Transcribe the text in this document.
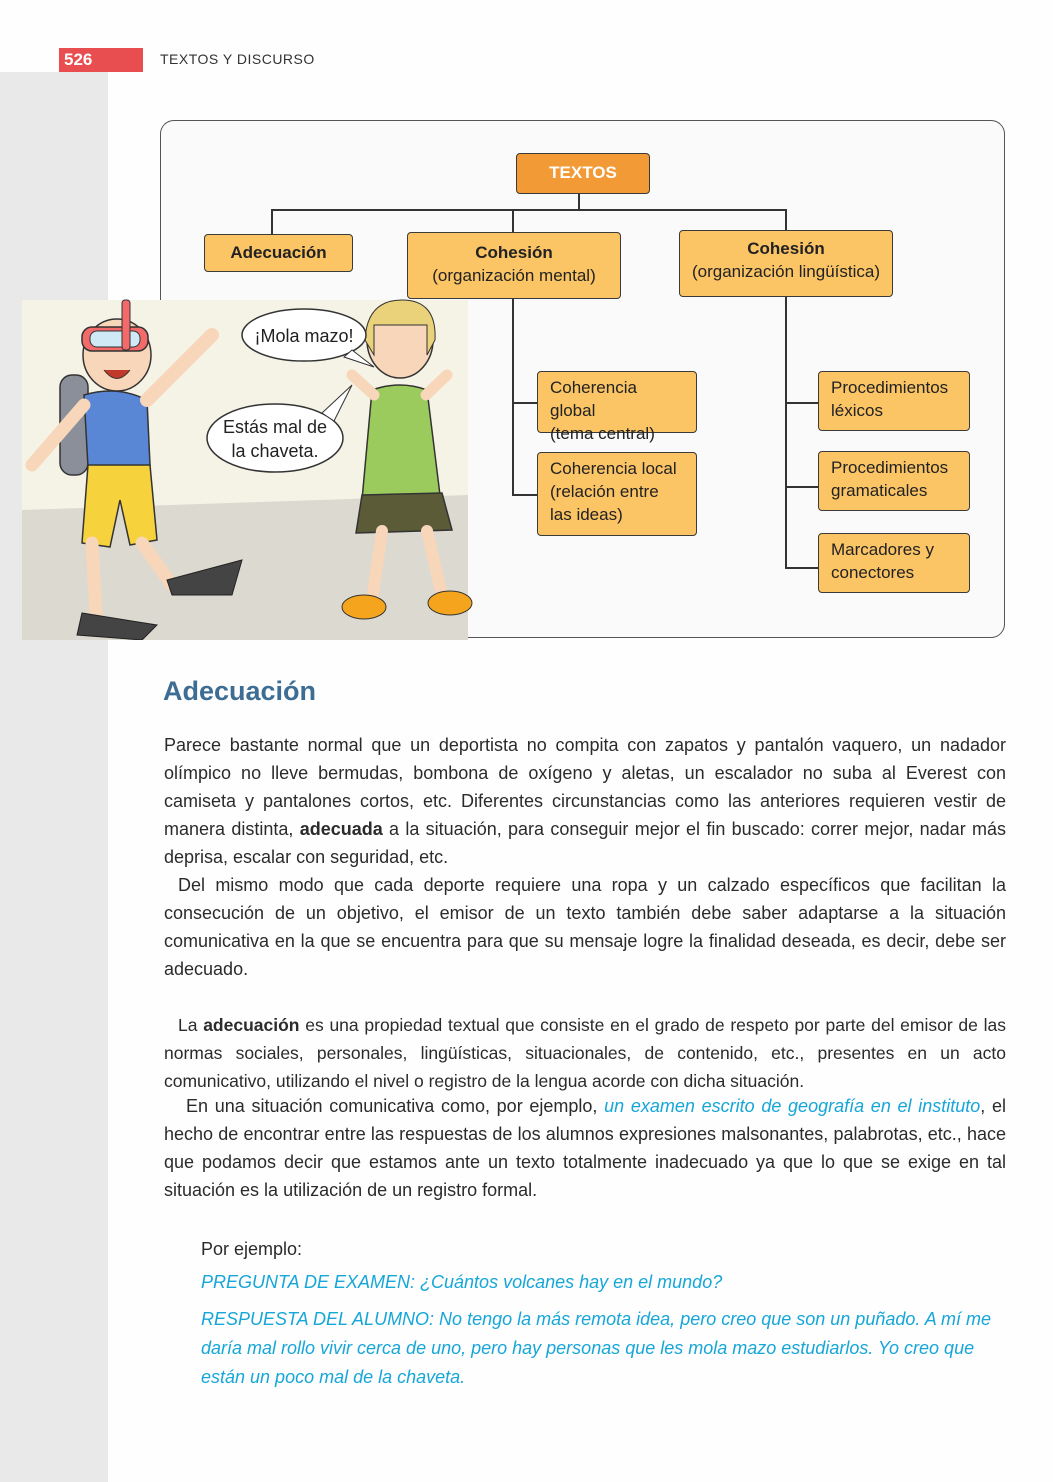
526	TEXTOS Y DISCURSO
TEXTOS
Adecuación	Cohesión
(organización mental)
Cohesión
(organización lingüística)
Coherencia global
(tema central)
Coherencia local
(relación entre
las ideas)
Procedimientos
léxicos
Procedimientos
gramaticales
Marcadores y
conectores
¡Mola mazo!
Estás mal de
la chaveta.
Adecuación

Parece bastante normal que un deportista no compita con zapatos y pantalón vaquero, un nadador olímpico no lleve bermudas, bombona de oxígeno y aletas, un escalador no suba al Everest con camiseta y pantalones cortos, etc. Diferentes circunstancias como las anteriores requieren vestir de manera distinta, adecuada a la situación, para conseguir mejor el fin buscado: correr mejor, nadar más deprisa, escalar con seguridad, etc.

Del mismo modo que cada deporte requiere una ropa y un calzado específicos que facilitan la consecución de un objetivo, el emisor de un texto también debe saber adaptarse a la situación comunicativa en la que se encuentra para que su mensaje logre la finalidad deseada, es decir, debe ser adecuado.

La adecuación es una propiedad textual que consiste en el grado de respeto por parte del emisor de las normas sociales, personales, lingüísticas, situacionales, de contenido, etc., presentes en un acto comunicativo, utilizando el nivel o registro de la lengua acorde con dicha situación.

En una situación comunicativa como, por ejemplo, un examen escrito de geografía en el instituto, el hecho de encontrar entre las respuestas de los alumnos expresiones malsonantes, palabrotas, etc., hace que podamos decir que estamos ante un texto totalmente inadecuado ya que lo que se exige en tal situación es la utilización de un registro formal.

Por ejemplo:

PREGUNTA DE EXAMEN: ¿Cuántos volcanes hay en el mundo?

RESPUESTA DEL ALUMNO: No tengo la más remota idea, pero creo que son un puñado. A mí me daría mal rollo vivir cerca de uno, pero hay personas que les mola mazo estudiarlos. Yo creo que están un poco mal de la chaveta.
